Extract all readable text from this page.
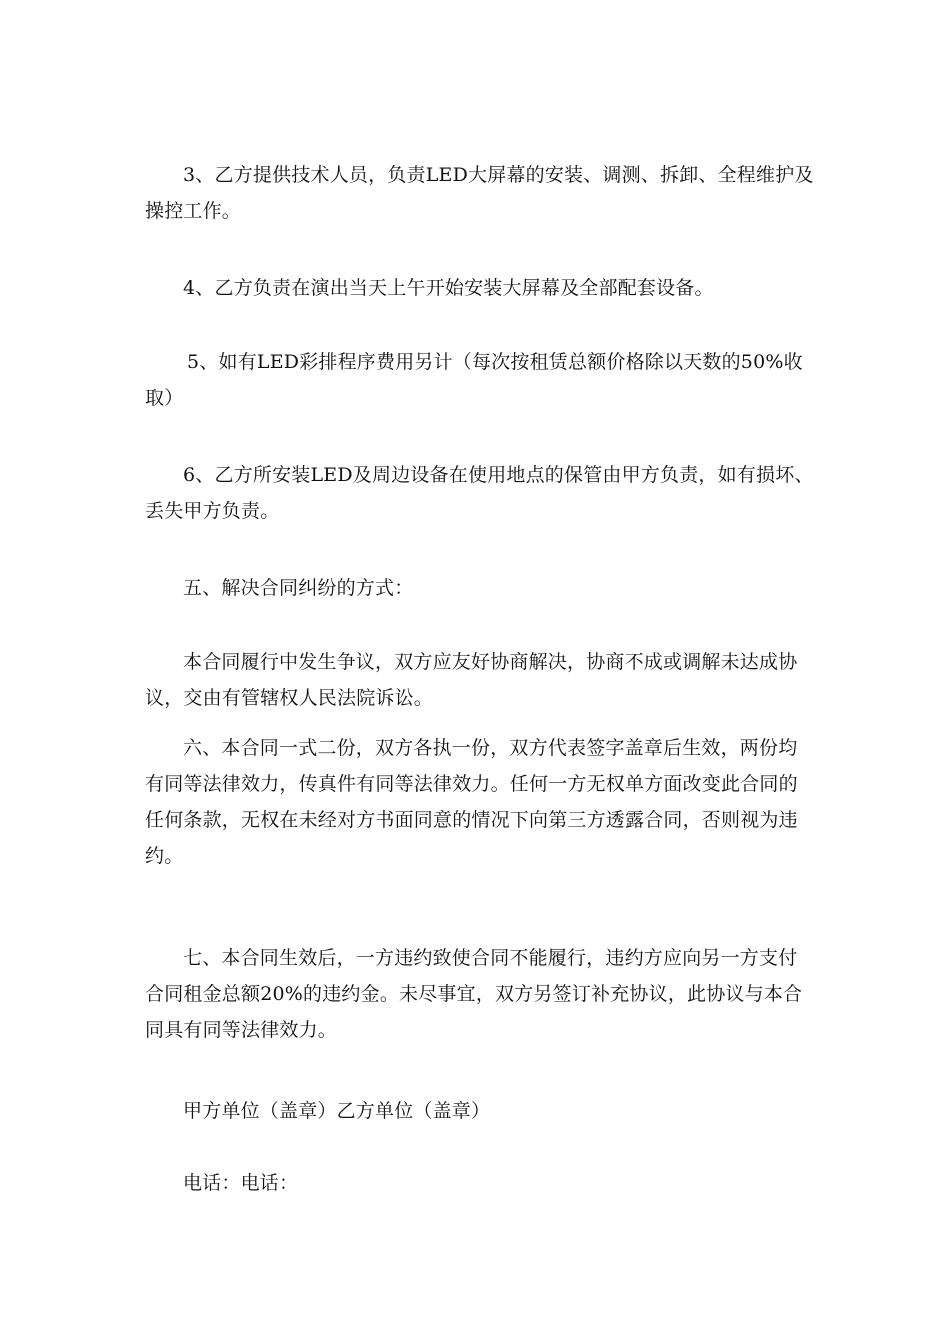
3、乙方提供技术人员，负责LED大屏幕的安装、调测、拆卸、全程维护及
操控工作。
4、乙方负责在演出当天上午开始安装大屏幕及全部配套设备。
5、如有LED彩排程序费用另计（每次按租赁总额价格除以天数的50%收
取）
6、乙方所安装LED及周边设备在使用地点的保管由甲方负责，如有损坏、
丢失甲方负责。
五、解决合同纠纷的方式：
本合同履行中发生争议，双方应友好协商解决，协商不成或调解未达成协
议，交由有管辖权人民法院诉讼。
六、本合同一式二份，双方各执一份，双方代表签字盖章后生效，两份均
有同等法律效力，传真件有同等法律效力。任何一方无权单方面改变此合同的
任何条款，无权在未经对方书面同意的情况下向第三方透露合同，否则视为违
约。
七、本合同生效后，一方违约致使合同不能履行，违约方应向另一方支付
合同租金总额20%的违约金。未尽事宜，双方另签订补充协议，此协议与本合
同具有同等法律效力。
甲方单位（盖章）乙方单位（盖章）
电话：电话：
